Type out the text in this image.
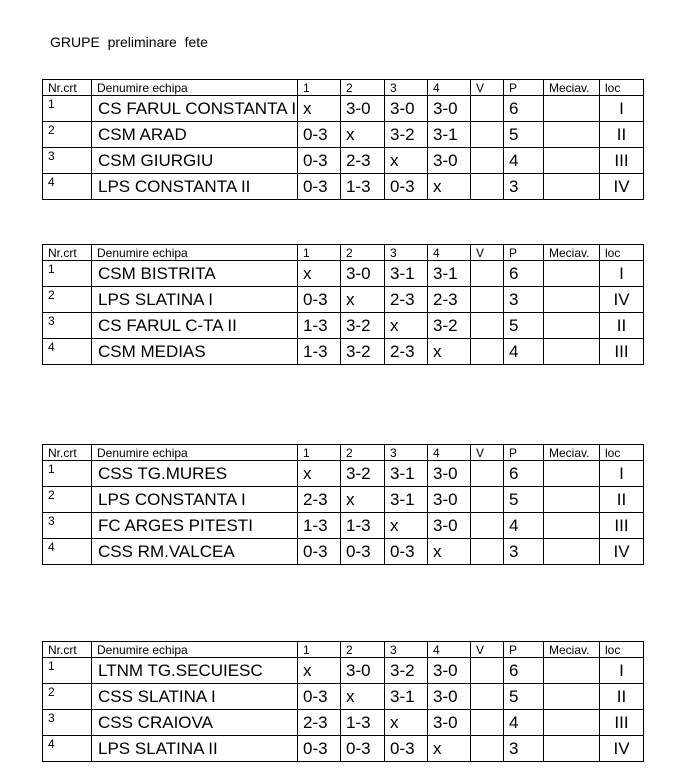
GRUPE  preliminare  fete
Nr.crt	Denumire echipa	1	2	3	4	V	P	Meciav.	loc
1	CS FARUL CONSTANTA I	x	3-0	3-0	3-0		6		I
2	CSM ARAD	0-3	x	3-2	3-1		5		II
3	CSM GIURGIU	0-3	2-3	x	3-0		4		III
4	LPS CONSTANTA II	0-3	1-3	0-3	x		3		IV
Nr.crt	Denumire echipa	1	2	3	4	V	P	Meciav.	loc
1	CSM BISTRITA	x	3-0	3-1	3-1		6		I
2	LPS SLATINA I	0-3	x	2-3	2-3		3		IV
3	CS FARUL C-TA II	1-3	3-2	x	3-2		5		II
4	CSM MEDIAS	1-3	3-2	2-3	x		4		III
Nr.crt	Denumire echipa	1	2	3	4	V	P	Meciav.	loc
1	CSS TG.MURES	x	3-2	3-1	3-0		6		I
2	LPS CONSTANTA I	2-3	x	3-1	3-0		5		II
3	FC ARGES PITESTI	1-3	1-3	x	3-0		4		III
4	CSS RM.VALCEA	0-3	0-3	0-3	x		3		IV
Nr.crt	Denumire echipa	1	2	3	4	V	P	Meciav.	loc
1	LTNM TG.SECUIESC	x	3-0	3-2	3-0		6		I
2	CSS SLATINA I	0-3	x	3-1	3-0		5		II
3	CSS CRAIOVA	2-3	1-3	x	3-0		4		III
4	LPS SLATINA II	0-3	0-3	0-3	x		3		IV
